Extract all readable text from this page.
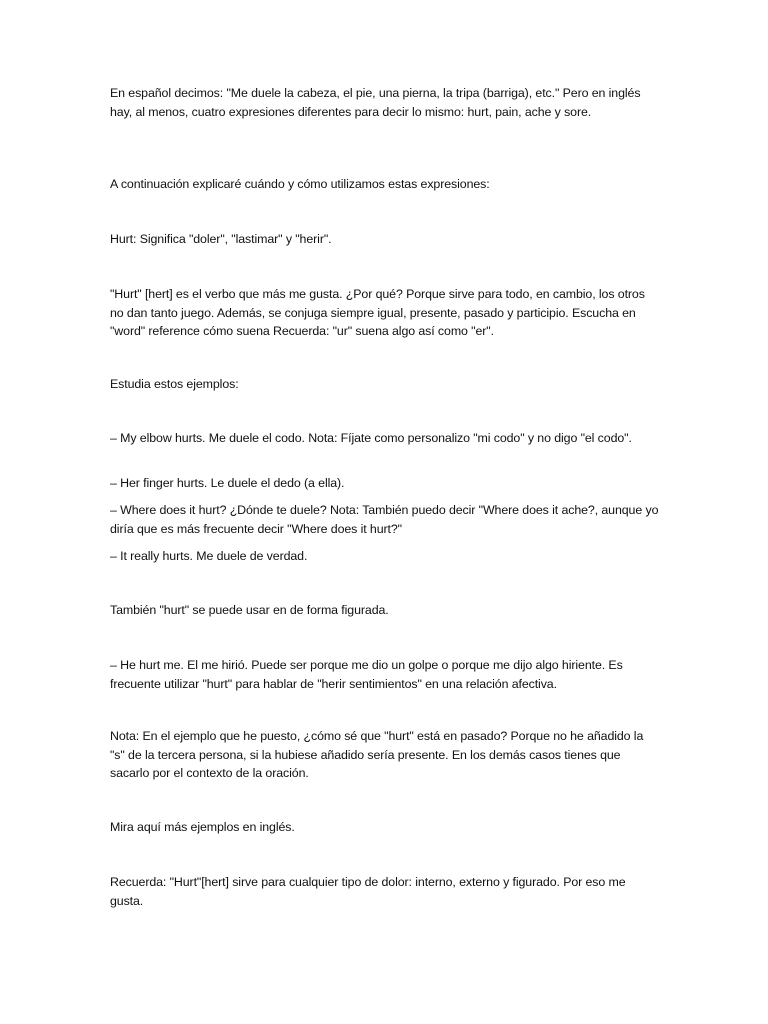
En español decimos: "Me duele la cabeza, el pie, una pierna, la tripa (barriga), etc." Pero en inglés hay, al menos, cuatro expresiones diferentes para decir lo mismo: hurt, pain, ache y sore.

A continuación explicaré cuándo y cómo utilizamos estas expresiones:

Hurt: Significa "doler", "lastimar" y "herir".

"Hurt" [hert] es el verbo que más me gusta. ¿Por qué? Porque sirve para todo, en cambio, los otros no dan tanto juego. Además, se conjuga siempre igual, presente, pasado y participio. Escucha en "word" reference cómo suena Recuerda: "ur" suena algo así como "er".

Estudia estos ejemplos:

– My elbow hurts. Me duele el codo. Nota: Fíjate como personalizo "mi codo" y no digo "el codo".

– Her finger hurts. Le duele el dedo (a ella).

– Where does it hurt? ¿Dónde te duele? Nota: También puedo decir "Where does it ache?, aunque yo diría que es más frecuente decir "Where does it hurt?"

– It really hurts. Me duele de verdad.

También "hurt" se puede usar en de forma figurada.

– He hurt me. El me hirió. Puede ser porque me dio un golpe o porque me dijo algo hiriente. Es frecuente utilizar "hurt" para hablar de "herir sentimientos" en una relación afectiva.

Nota: En el ejemplo que he puesto, ¿cómo sé que "hurt" está en pasado? Porque no he añadido la "s" de la tercera persona, si la hubiese añadido sería presente. En los demás casos tienes que sacarlo por el contexto de la oración.

Mira aquí más ejemplos en inglés.

Recuerda: "Hurt"[hert] sirve para cualquier tipo de dolor: interno, externo y figurado. Por eso me gusta.
